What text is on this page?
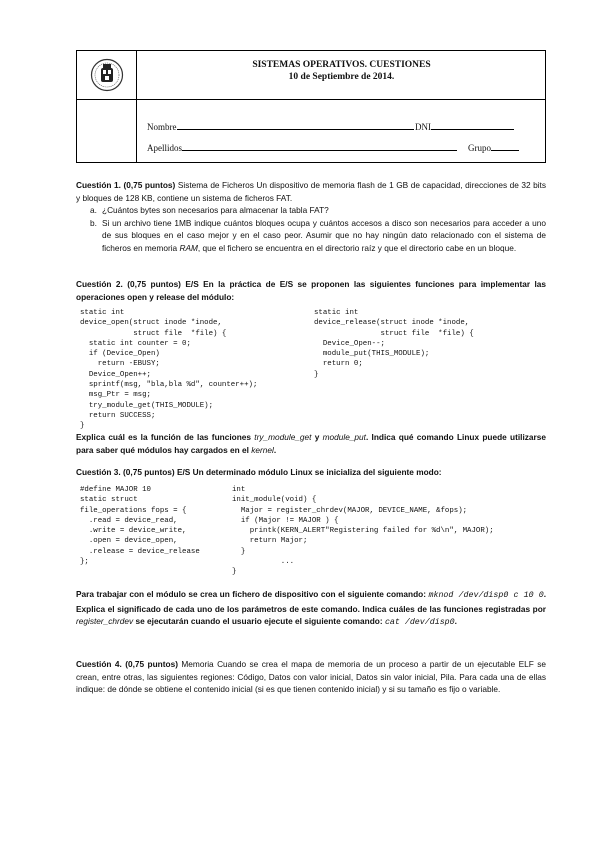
SISTEMAS OPERATIVOS. CUESTIONES
10 de Septiembre de 2014.
Nombre	DNI
Apellidos	Grupo

Cuestión 1. (0,75 puntos) Sistema de Ficheros Un dispositivo de memoria flash de 1 GB de capacidad, direcciones de 32 bits y bloques de 128 KB, contiene un sistema de ficheros FAT.

a. ¿Cuántos bytes son necesarios para almacenar la tabla FAT?
b. Si un archivo tiene 1MB indique cuántos bloques ocupa y cuántos accesos a disco son necesarios para acceder a uno de sus bloques en el caso mejor y en el caso peor. Asumir que no hay ningún dato relacionado con el sistema de ficheros en memoria RAM, que el fichero se encuentra en el directorio raíz y que el directorio cabe en un bloque.

Cuestión 2. (0,75 puntos) E/S En la práctica de E/S se proponen las siguientes funciones para implementar las operaciones open y release del módulo:

static int
device_open(struct inode *inode,
struct file  *file) {
static int counter = 0;
if (Device_Open)
return -EBUSY;
Device_Open++;
sprintf(msg, "bla,bla %d", counter++);
msg_Ptr = msg;
try_module_get(THIS_MODULE);
return SUCCESS;
}
static int
device_release(struct inode *inode,
struct file  *file) {
Device_Open--;
module_put(THIS_MODULE);
return 0;
}

Explica cuál es la función de las funciones try_module_get y module_put. Indica qué comando Linux puede utilizarse para saber qué módulos hay cargados en el kernel.

Cuestión 3. (0,75 puntos) E/S Un determinado módulo Linux se inicializa del siguiente modo:

#define MAJOR 10
static struct
file_operations fops = {
.read = device_read,
.write = device_write,
.open = device_open,
.release = device_release
};
int
init_module(void) {
Major = register_chrdev(MAJOR, DEVICE_NAME, &fops);
if (Major != MAJOR ) {
printk(KERN_ALERT"Registering failed for %d\n", MAJOR);
return Major;
}
...
}

Para trabajar con el módulo se crea un fichero de dispositivo con el siguiente comando: mknod /dev/disp0 c 10 0. Explica el significado de cada uno de los parámetros de este comando. Indica cuáles de las funciones registradas por register_chrdev se ejecutarán cuando el usuario ejecute el siguiente comando: cat /dev/disp0.

Cuestión 4. (0,75 puntos) Memoria Cuando se crea el mapa de memoria de un proceso a partir de un ejecutable ELF se crean, entre otras, las siguientes regiones: Código, Datos con valor inicial, Datos sin valor inicial, Pila. Para cada una de ellas indique: de dónde se obtiene el contenido inicial (si es que tienen contenido inicial) y si su tamaño es fijo o variable.
